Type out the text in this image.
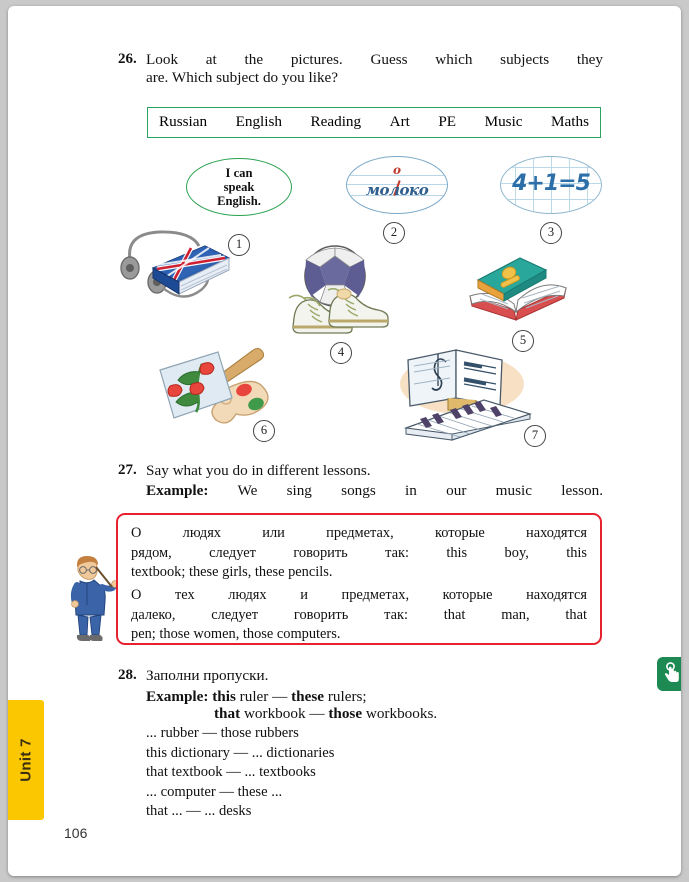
Unit 7
26. Look at the pictures. Guess which subjects they
are. Which subject do you like?
Russian English Reading Art PE Music Maths

I can
speak
English.

о
молоко	4+1=5
1
2	3
4
5
6	7
27. Say what you do in different lessons.
Example: We sing songs in our music lesson.

О людях или предметах, которые находятся
рядом, следует говорить так: this boy, this
textbook; these girls, these pencils.

О тех людях и предметах, которые находятся
далеко, следует говорить так: that man, that
pen; those women, those computers.

28. Заполни пропуски.
Example: this ruler — these rulers;
that workbook — those workbooks.
... rubber — those rubbers
this dictionary — ... dictionaries
that textbook — ... textbooks
... computer — these ...
that ... — ... desks
106
